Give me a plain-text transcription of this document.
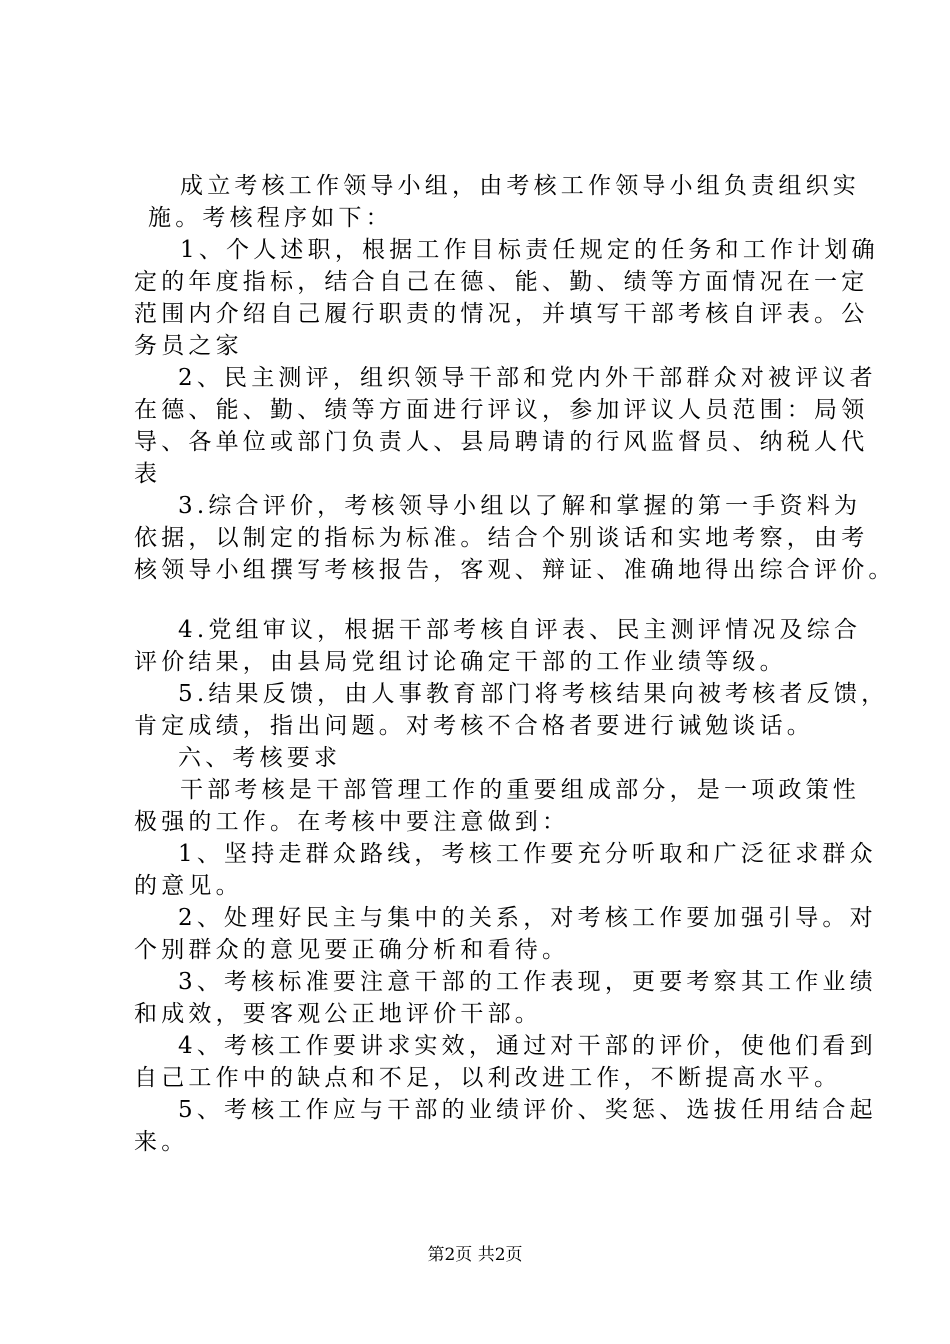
成立考核工作领导小组，由考核工作领导小组负责组织实
施。考核程序如下：
1、个人述职，根据工作目标责任规定的任务和工作计划确
定的年度指标，结合自己在德、能、勤、绩等方面情况在一定
范围内介绍自己履行职责的情况，并填写干部考核自评表。公
务员之家
2、民主测评，组织领导干部和党内外干部群众对被评议者
在德、能、勤、绩等方面进行评议，参加评议人员范围：局领
导、各单位或部门负责人、县局聘请的行风监督员、纳税人代
表
3.综合评价，考核领导小组以了解和掌握的第一手资料为
依据，以制定的指标为标准。结合个别谈话和实地考察，由考
核领导小组撰写考核报告，客观、辩证、准确地得出综合评价。
4.党组审议，根据干部考核自评表、民主测评情况及综合
评价结果，由县局党组讨论确定干部的工作业绩等级。
5.结果反馈，由人事教育部门将考核结果向被考核者反馈，
肯定成绩，指出问题。对考核不合格者要进行诫勉谈话。
六、考核要求
干部考核是干部管理工作的重要组成部分，是一项政策性
极强的工作。在考核中要注意做到：
1、坚持走群众路线，考核工作要充分听取和广泛征求群众
的意见。
2、处理好民主与集中的关系，对考核工作要加强引导。对
个别群众的意见要正确分析和看待。
3、考核标准要注意干部的工作表现，更要考察其工作业绩
和成效，要客观公正地评价干部。
4、考核工作要讲求实效，通过对干部的评价，使他们看到
自己工作中的缺点和不足，以利改进工作，不断提高水平。
5、考核工作应与干部的业绩评价、奖惩、选拔任用结合起
来。
第2页 共2页
